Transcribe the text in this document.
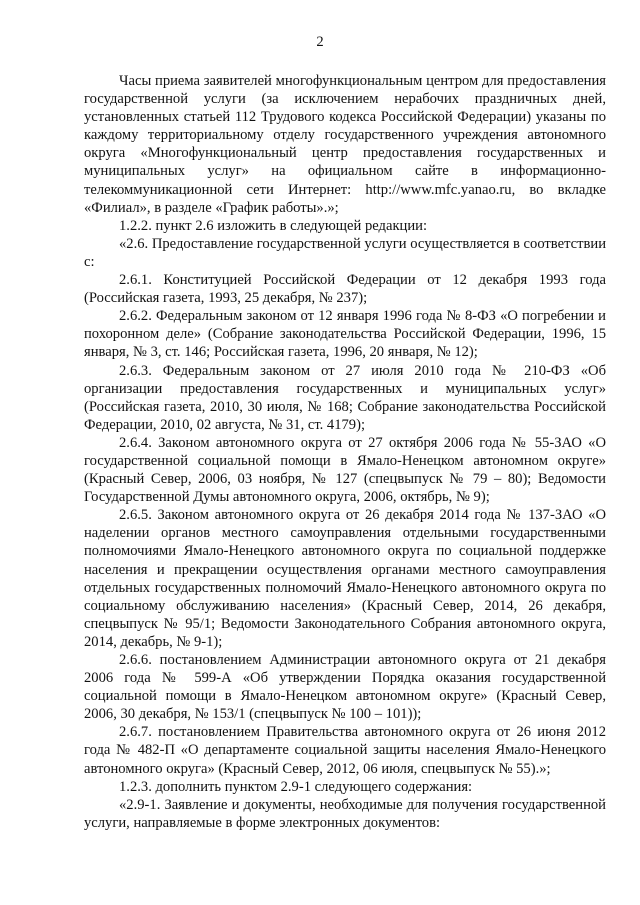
2

Часы приема заявителей многофункциональным центром для предоставления государственной услуги (за исключением нерабочих праздничных дней, установленных статьей 112 Трудового кодекса Российской Федерации) указаны по каждому территориальному отделу государственного учреждения автономного округа «Многофункциональный центр предоставления государственных и муниципальных услуг» на официальном сайте в информационно-телекоммуникационной сети Интернет: http://www.mfc.yanao.ru, во вкладке «Филиал», в разделе «График работы».»;

1.2.2. пункт 2.6 изложить в следующей редакции:

«2.6. Предоставление государственной услуги осуществляется в соответствии с:

2.6.1. Конституцией Российской Федерации от 12 декабря 1993 года (Российская газета, 1993, 25 декабря, № 237);

2.6.2. Федеральным законом от 12 января 1996 года № 8-ФЗ «О погребении и похоронном деле» (Собрание законодательства Российской Федерации, 1996, 15 января, № 3, ст. 146; Российская газета, 1996, 20 января, № 12);

2.6.3. Федеральным законом от 27 июля 2010 года № 210-ФЗ «Об организации предоставления государственных и муниципальных услуг» (Российская газета, 2010, 30 июля, № 168; Собрание законодательства Российской Федерации, 2010, 02 августа, № 31, ст. 4179);

2.6.4. Законом автономного округа от 27 октября 2006 года № 55-ЗАО «О государственной социальной помощи в Ямало-Ненецком автономном округе» (Красный Север, 2006, 03 ноября, № 127 (спецвыпуск № 79 – 80); Ведомости Государственной Думы автономного округа, 2006, октябрь, № 9);

2.6.5. Законом автономного округа от 26 декабря 2014 года № 137-ЗАО «О наделении органов местного самоуправления отдельными государственными полномочиями Ямало-Ненецкого автономного округа по социальной поддержке населения и прекращении осуществления органами местного самоуправления отдельных государственных полномочий Ямало-Ненецкого автономного округа по социальному обслуживанию населения» (Красный Север, 2014, 26 декабря, спецвыпуск № 95/1; Ведомости Законодательного Собрания автономного округа, 2014, декабрь, № 9-1);

2.6.6. постановлением Администрации автономного округа от 21 декабря 2006 года № 599-А «Об утверждении Порядка оказания государственной социальной помощи в Ямало-Ненецком автономном округе» (Красный Север, 2006, 30 декабря, № 153/1 (спецвыпуск № 100 – 101));

2.6.7. постановлением Правительства автономного округа от 26 июня 2012 года № 482-П «О департаменте социальной защиты населения Ямало-Ненецкого автономного округа» (Красный Север, 2012, 06 июля, спецвыпуск № 55).»;

1.2.3. дополнить пунктом 2.9-1 следующего содержания:

«2.9-1. Заявление и документы, необходимые для получения государственной услуги, направляемые в форме электронных документов:
